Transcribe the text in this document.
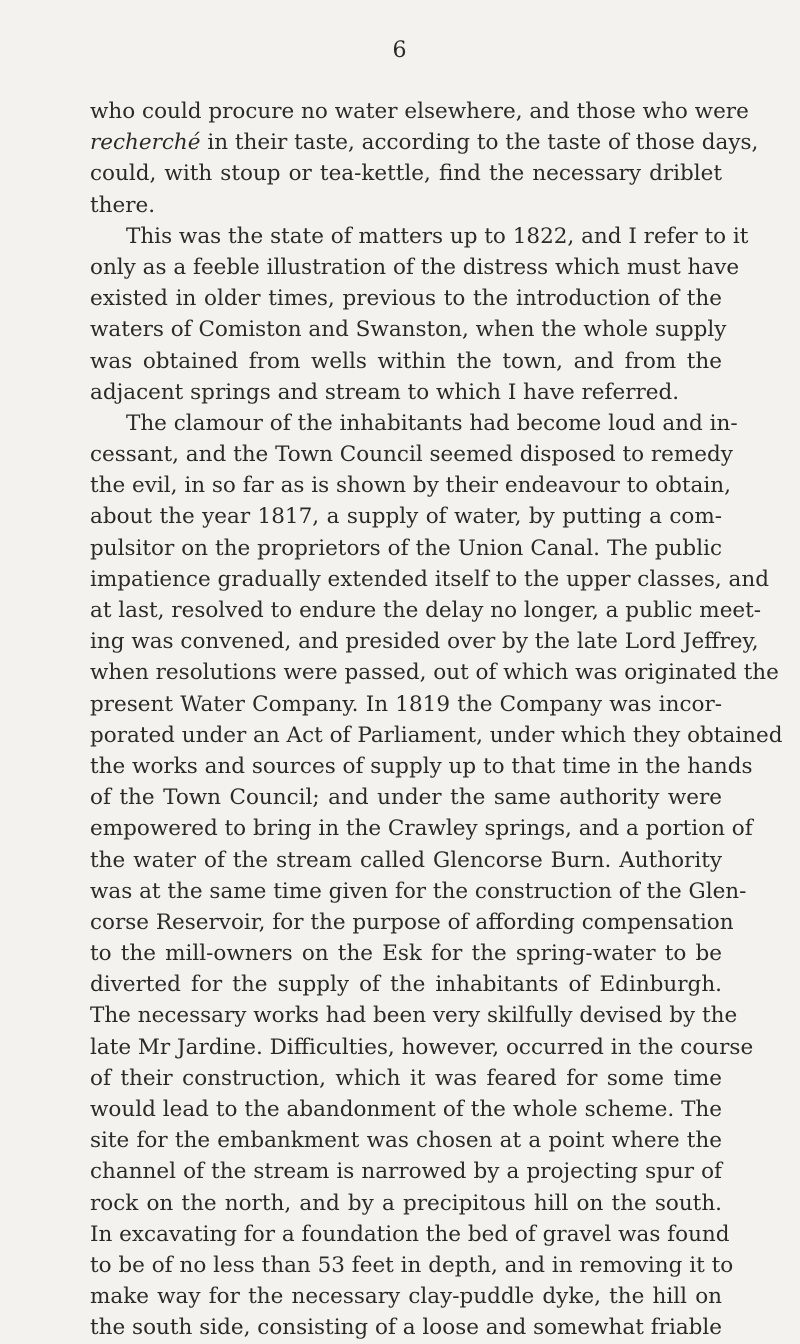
6
who could procure no water elsewhere, and those who were
recherché in their taste, according to the taste of those days,
could, with stoup or tea-kettle, find the necessary driblet
there.
This was the state of matters up to 1822, and I refer to it
only as a feeble illustration of the distress which must have
existed in older times, previous to the introduction of the
waters of Comiston and Swanston, when the whole supply
was obtained from wells within the town, and from the
adjacent springs and stream to which I have referred.
The clamour of the inhabitants had become loud and in-
cessant, and the Town Council seemed disposed to remedy
the evil, in so far as is shown by their endeavour to obtain,
about the year 1817, a supply of water, by putting a com-
pulsitor on the proprietors of the Union Canal. The public
impatience gradually extended itself to the upper classes, and
at last, resolved to endure the delay no longer, a public meet-
ing was convened, and presided over by the late Lord Jeffrey,
when resolutions were passed, out of which was originated the
present Water Company. In 1819 the Company was incor-
porated under an Act of Parliament, under which they obtained
the works and sources of supply up to that time in the hands
of the Town Council; and under the same authority were
empowered to bring in the Crawley springs, and a portion of
the water of the stream called Glencorse Burn. Authority
was at the same time given for the construction of the Glen-
corse Reservoir, for the purpose of affording compensation
to the mill-owners on the Esk for the spring-water to be
diverted for the supply of the inhabitants of Edinburgh.
The necessary works had been very skilfully devised by the
late Mr Jardine. Difficulties, however, occurred in the course
of their construction, which it was feared for some time
would lead to the abandonment of the whole scheme. The
site for the embankment was chosen at a point where the
channel of the stream is narrowed by a projecting spur of
rock on the north, and by a precipitous hill on the south.
In excavating for a foundation the bed of gravel was found
to be of no less than 53 feet in depth, and in removing it to
make way for the necessary clay-puddle dyke, the hill on
the south side, consisting of a loose and somewhat friable
